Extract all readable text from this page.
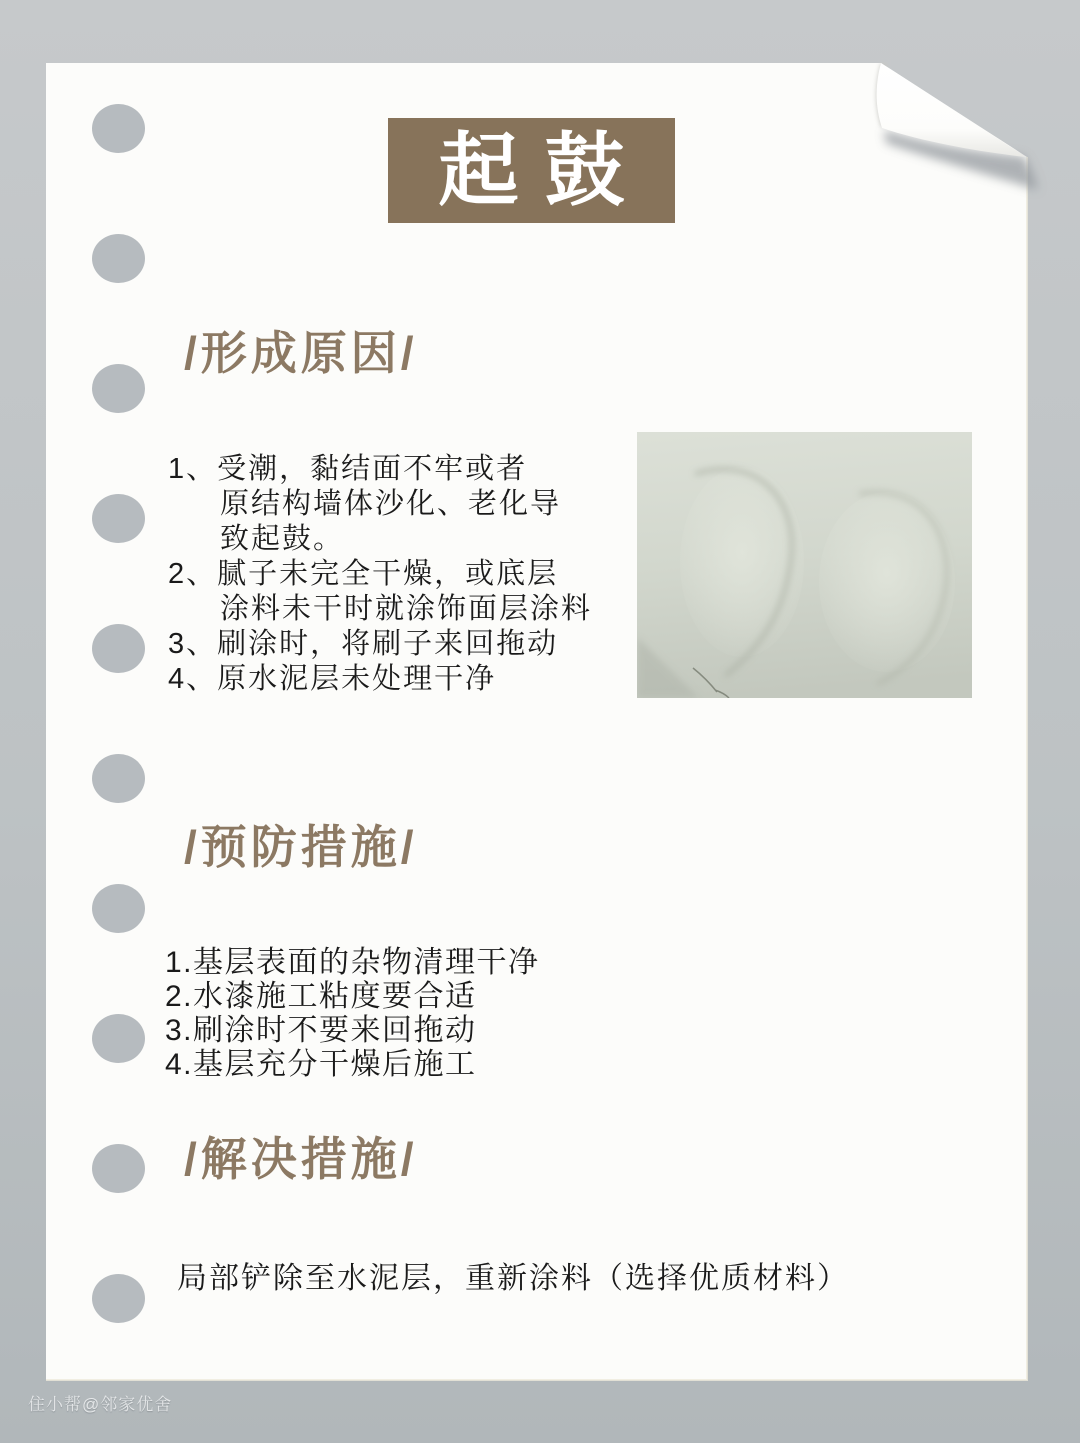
起鼓
/形成原因/
1、受潮，黏结面不牢或者
原结构墙体沙化、老化导
致起鼓。
2、腻子未完全干燥，或底层
涂料未干时就涂饰面层涂料
3、刷涂时，将刷子来回拖动
4、原水泥层未处理干净
/预防措施/
1.基层表面的杂物清理干净
2.水漆施工粘度要合适
3.刷涂时不要来回拖动
4.基层充分干燥后施工
/解决措施/
局部铲除至水泥层，重新涂料（选择优质材料）
住小帮@邻家优舍
